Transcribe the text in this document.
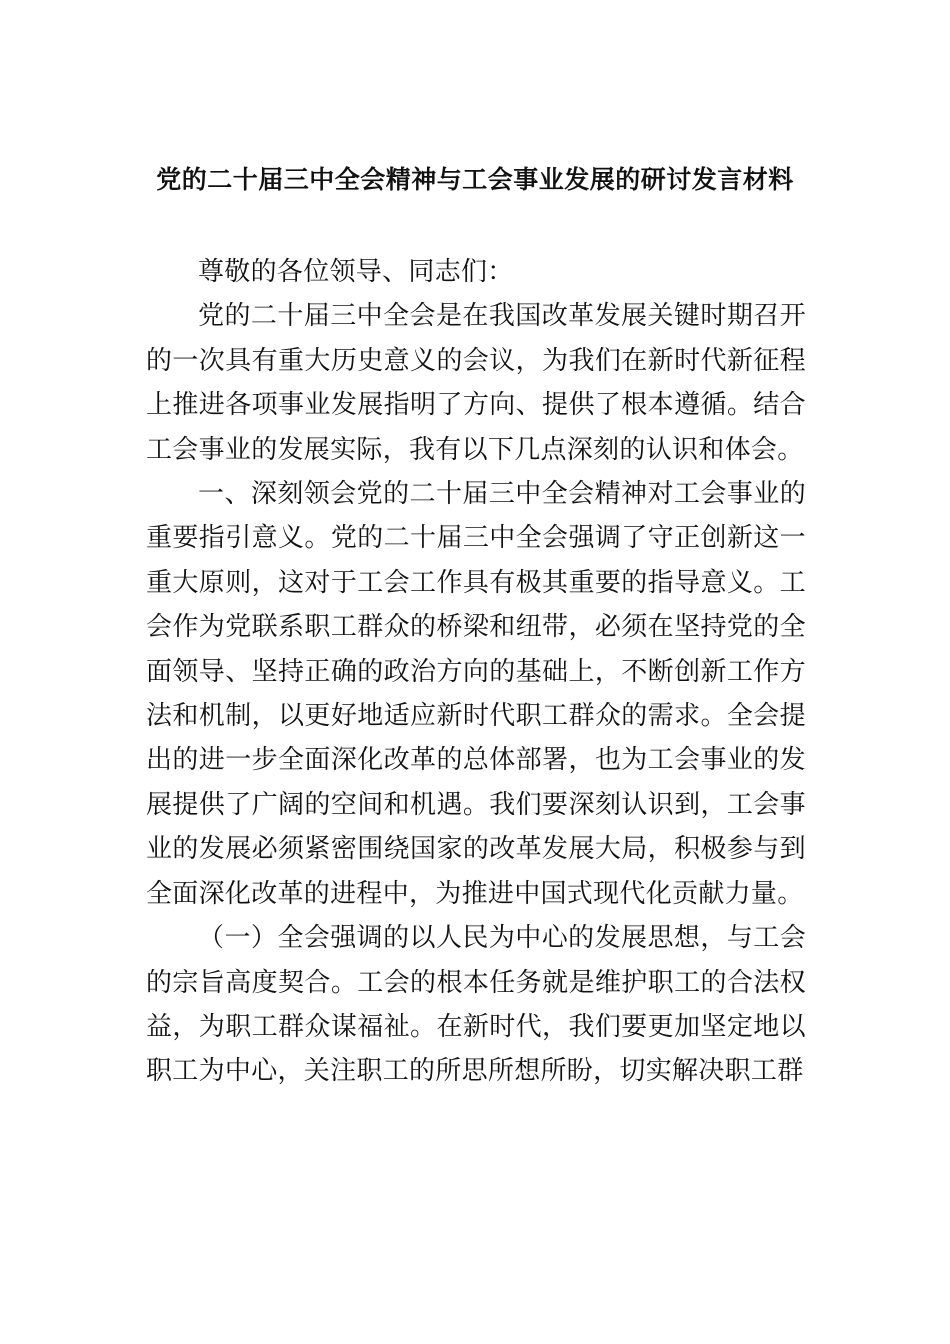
党的二十届三中全会精神与工会事业发展的研讨发言材料

尊敬的各位领导、同志们：

党的二十届三中全会是在我国改革发展关键时期召开的一次具有重大历史意义的会议，为我们在新时代新征程上推进各项事业发展指明了方向、提供了根本遵循。结合工会事业的发展实际，我有以下几点深刻的认识和体会。

一、深刻领会党的二十届三中全会精神对工会事业的重要指引意义。党的二十届三中全会强调了守正创新这一重大原则，这对于工会工作具有极其重要的指导意义。工会作为党联系职工群众的桥梁和纽带，必须在坚持党的全面领导、坚持正确的政治方向的基础上，不断创新工作方法和机制，以更好地适应新时代职工群众的需求。全会提出的进一步全面深化改革的总体部署，也为工会事业的发展提供了广阔的空间和机遇。我们要深刻认识到，工会事业的发展必须紧密围绕国家的改革发展大局，积极参与到全面深化改革的进程中，为推进中国式现代化贡献力量。

（一）全会强调的以人民为中心的发展思想，与工会的宗旨高度契合。工会的根本任务就是维护职工的合法权益，为职工群众谋福祉。在新时代，我们要更加坚定地以职工为中心，关注职工的所思所想所盼，切实解决职工群
